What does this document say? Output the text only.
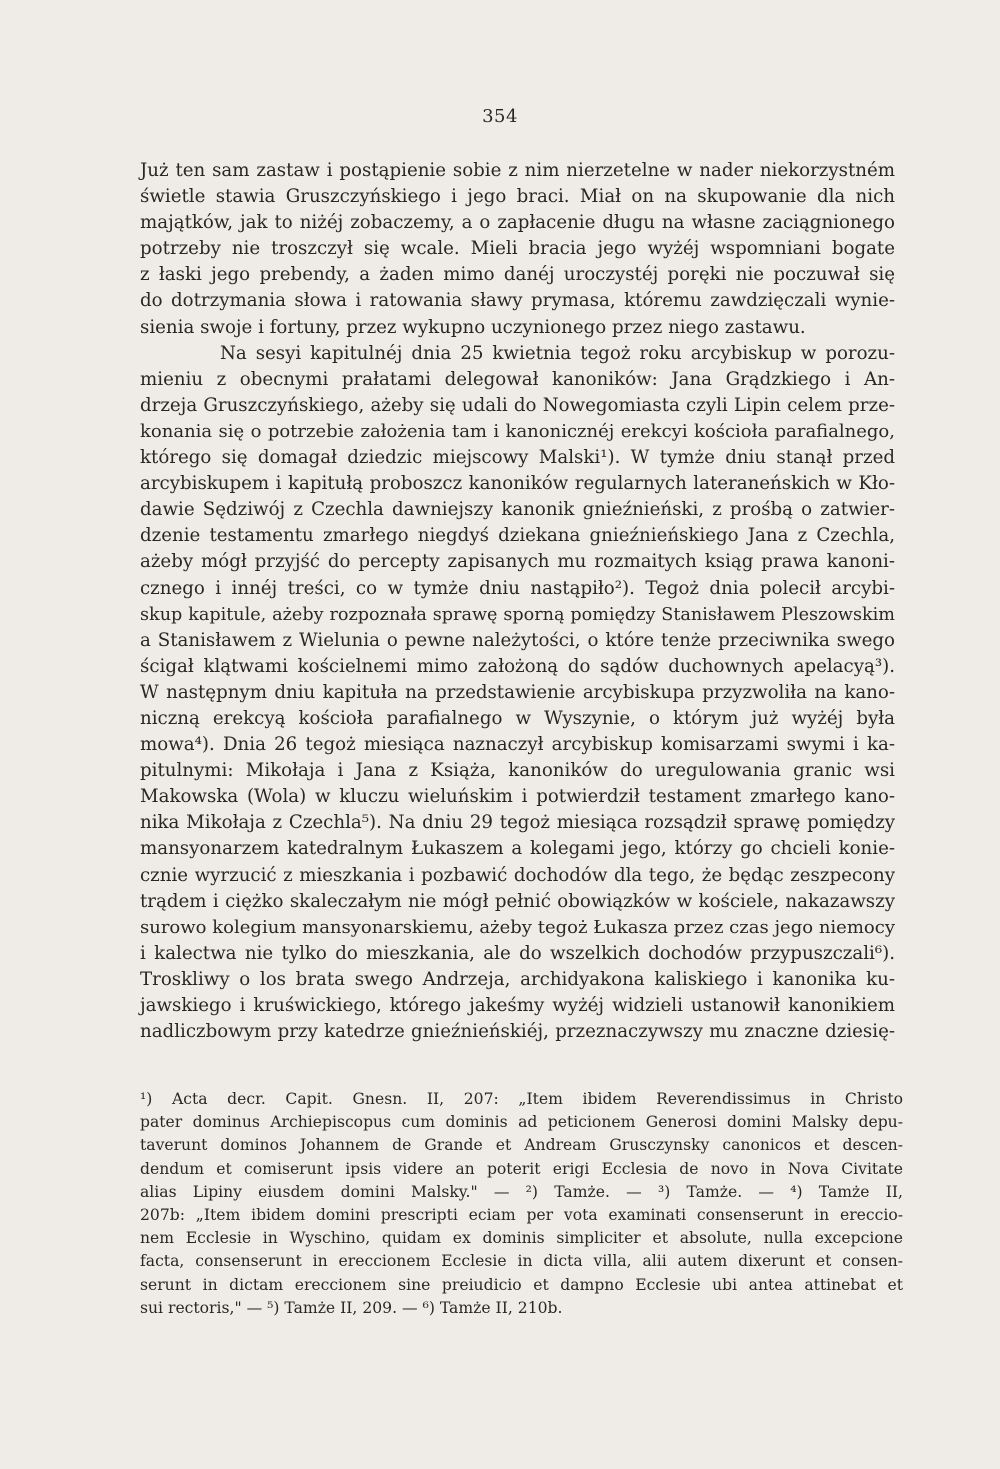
354
Już ten sam zastaw i postąpienie sobie z nim nierzetelne w nader niekorzystném
świetle stawia Gruszczyńskiego i jego braci. Miał on na skupowanie dla nich
majątków, jak to niżéj zobaczemy, a o zapłacenie długu na własne zaciągnionego
potrzeby nie troszczył się wcale. Mieli bracia jego wyżéj wspomniani bogate
z łaski jego prebendy, a żaden mimo danéj uroczystéj poręki nie poczuwał się
do dotrzymania słowa i ratowania sławy prymasa, któremu zawdzięczali wynie-
sienia swoje i fortuny, przez wykupno uczynionego przez niego zastawu.
Na sesyi kapitulnéj dnia 25 kwietnia tegoż roku arcybiskup w porozu-
mieniu z obecnymi prałatami delegował kanoników: Jana Grądzkiego i An-
drzeja Gruszczyńskiego, ażeby się udali do Nowegomiasta czyli Lipin celem prze-
konania się o potrzebie założenia tam i kanonicznéj erekcyi kościoła parafialnego,
którego się domagał dziedzic miejscowy Malski¹). W tymże dniu stanął przed
arcybiskupem i kapitułą proboszcz kanoników regularnych lateraneńskich w Kło-
dawie Sędziwój z Czechla dawniejszy kanonik gnieźnieński, z prośbą o zatwier-
dzenie testamentu zmarłego niegdyś dziekana gnieźnieńskiego Jana z Czechla,
ażeby mógł przyjść do percepty zapisanych mu rozmaitych ksiąg prawa kanoni-
cznego i innéj treści, co w tymże dniu nastąpiło²). Tegoż dnia polecił arcybi-
skup kapitule, ażeby rozpoznała sprawę sporną pomiędzy Stanisławem Pleszowskim
a Stanisławem z Wielunia o pewne należytości, o które tenże przeciwnika swego
ścigał klątwami kościelnemi mimo założoną do sądów duchownych apelacyą³).
W następnym dniu kapituła na przedstawienie arcybiskupa przyzwoliła na kano-
niczną erekcyą kościoła parafialnego w Wyszynie, o którym już wyżéj była
mowa⁴). Dnia 26 tegoż miesiąca naznaczył arcybiskup komisarzami swymi i ka-
pitulnymi: Mikołaja i Jana z Książa, kanoników do uregulowania granic wsi
Makowska (Wola) w kluczu wieluńskim i potwierdził testament zmarłego kano-
nika Mikołaja z Czechla⁵). Na dniu 29 tegoż miesiąca rozsądził sprawę pomiędzy
mansyonarzem katedralnym Łukaszem a kolegami jego, którzy go chcieli konie-
cznie wyrzucić z mieszkania i pozbawić dochodów dla tego, że będąc zeszpecony
trądem i ciężko skaleczałym nie mógł pełnić obowiązków w kościele, nakazawszy
surowo kolegium mansyonarskiemu, ażeby tegoż Łukasza przez czas jego niemocy
i kalectwa nie tylko do mieszkania, ale do wszelkich dochodów przypuszczali⁶).
Troskliwy o los brata swego Andrzeja, archidyakona kaliskiego i kanonika ku-
jawskiego i kruświckiego, którego jakeśmy wyżéj widzieli ustanowił kanonikiem
nadliczbowym przy katedrze gnieźnieńskiéj, przeznaczywszy mu znaczne dziesię-
¹) Acta decr. Capit. Gnesn. II, 207: „Item ibidem Reverendissimus in Christo
pater dominus Archiepiscopus cum dominis ad peticionem Generosi domini Malsky depu-
taverunt dominos Johannem de Grande et Andream Grusczynsky canonicos et descen-
dendum et comiserunt ipsis videre an poterit erigi Ecclesia de novo in Nova Civitate
alias Lipiny eiusdem domini Malsky." — ²) Tamże. — ³) Tamże. — ⁴) Tamże II,
207b: „Item ibidem domini prescripti eciam per vota examinati consenserunt in ereccio-
nem Ecclesie in Wyschino, quidam ex dominis simpliciter et absolute, nulla excepcione
facta, consenserunt in ereccionem Ecclesie in dicta villa, alii autem dixerunt et consen-
serunt in dictam ereccionem sine preiudicio et dampno Ecclesie ubi antea attinebat et
sui rectoris," — ⁵) Tamże II, 209. — ⁶) Tamże II, 210b.
